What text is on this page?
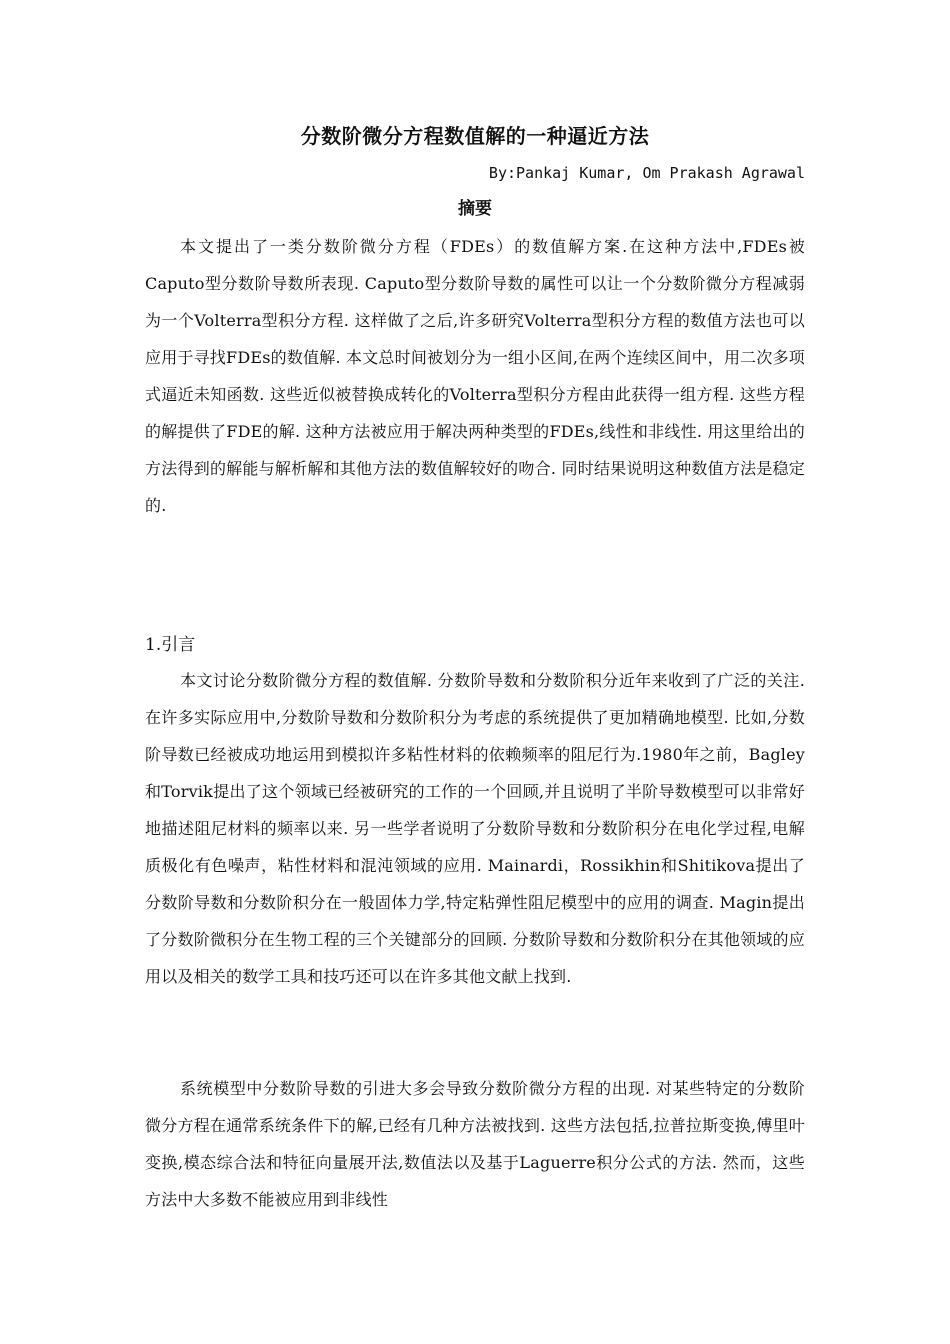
分数阶微分方程数值解的一种逼近方法
By:Pankaj Kumar, Om Prakash Agrawal
摘要

本文提出了一类分数阶微分方程（FDEs）的数值解方案.在这种方法中,FDEs被Caputo型分数阶导数所表现. Caputo型分数阶导数的属性可以让一个分数阶微分方程减弱为一个Volterra型积分方程. 这样做了之后,许多研究Volterra型积分方程的数值方法也可以应用于寻找FDEs的数值解. 本文总时间被划分为一组小区间,在两个连续区间中，用二次多项式逼近未知函数. 这些近似被替换成转化的Volterra型积分方程由此获得一组方程. 这些方程的解提供了FDE的解. 这种方法被应用于解决两种类型的FDEs,线性和非线性. 用这里给出的方法得到的解能与解析解和其他方法的数值解较好的吻合. 同时结果说明这种数值方法是稳定的.

1.引言

本文讨论分数阶微分方程的数值解. 分数阶导数和分数阶积分近年来收到了广泛的关注. 在许多实际应用中,分数阶导数和分数阶积分为考虑的系统提供了更加精确地模型. 比如,分数阶导数已经被成功地运用到模拟许多粘性材料的依赖频率的阻尼行为.1980年之前，Bagley 和Torvik提出了这个领域已经被研究的工作的一个回顾,并且说明了半阶导数模型可以非常好地描述阻尼材料的频率以来. 另一些学者说明了分数阶导数和分数阶积分在电化学过程,电解质极化有色噪声，粘性材料和混沌领域的应用. Mainardi，Rossikhin和Shitikova提出了分数阶导数和分数阶积分在一般固体力学,特定粘弹性阻尼模型中的应用的调查. Magin提出了分数阶微积分在生物工程的三个关键部分的回顾. 分数阶导数和分数阶积分在其他领域的应用以及相关的数学工具和技巧还可以在许多其他文献上找到.

系统模型中分数阶导数的引进大多会导致分数阶微分方程的出现. 对某些特定的分数阶微分方程在通常系统条件下的解,已经有几种方法被找到. 这些方法包括,拉普拉斯变换,傅里叶变换,模态综合法和特征向量展开法,数值法以及基于Laguerre积分公式的方法. 然而，这些方法中大多数不能被应用到非线性
